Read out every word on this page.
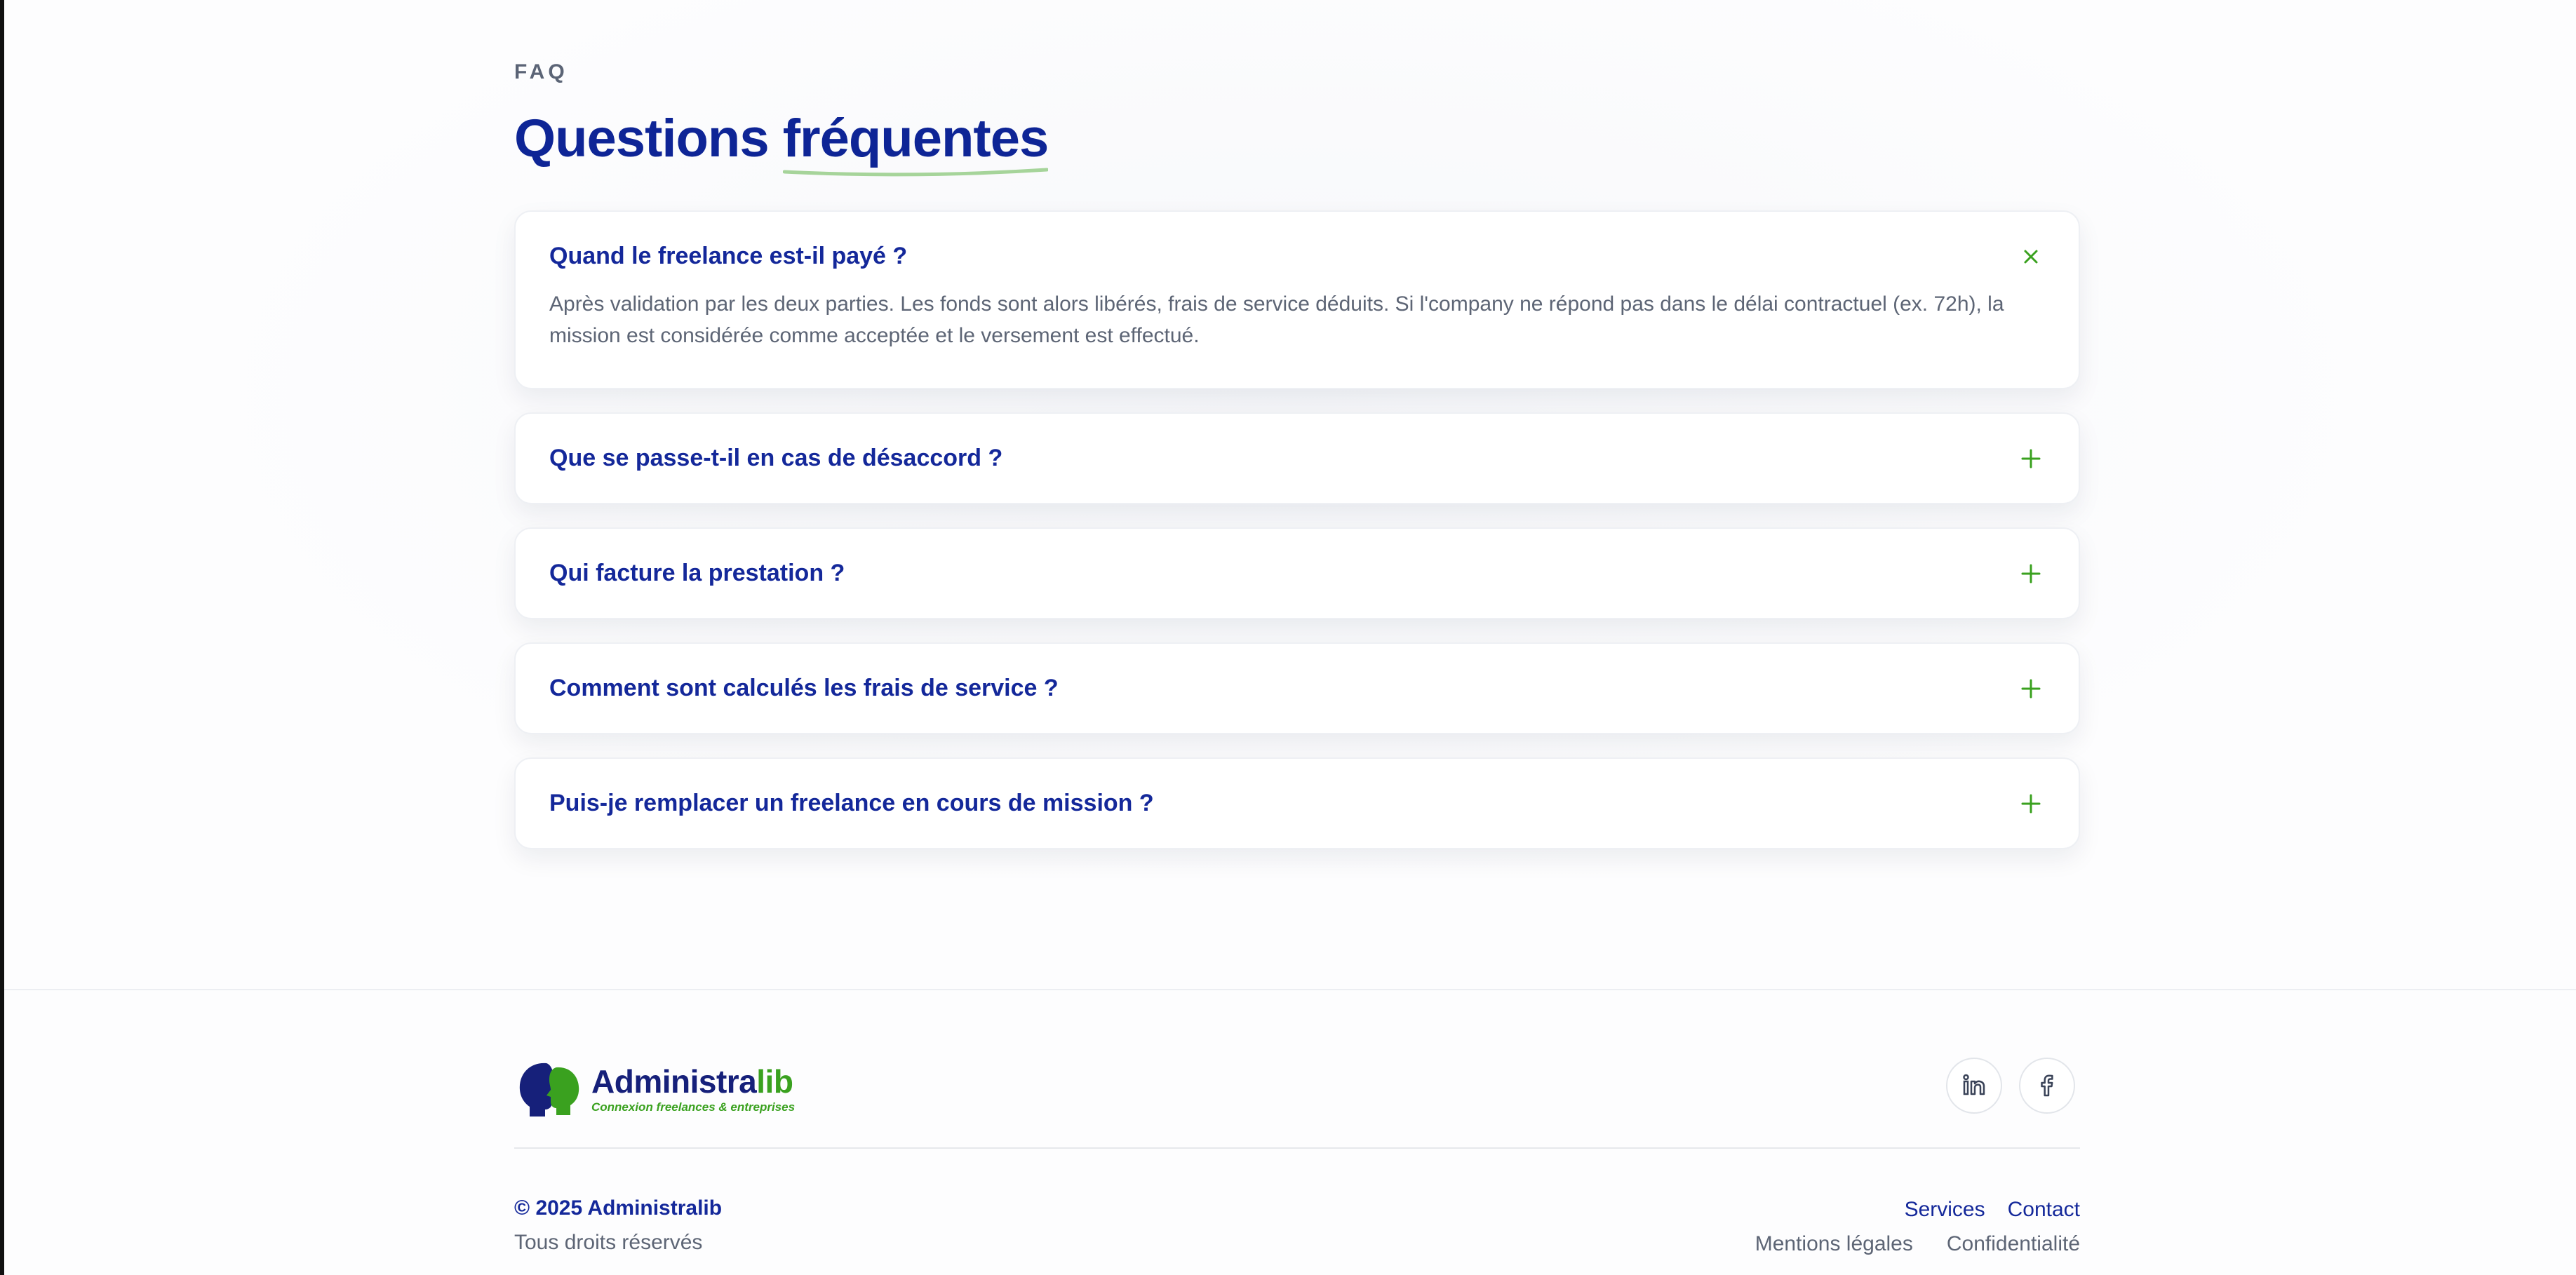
FAQ
Questions fréquentes
Quand le freelance est-il payé ?

Après validation par les deux parties. Les fonds sont alors libérés, frais de service déduits. Si l'company ne répond pas dans le délai contractuel (ex. 72h), la mission est considérée comme acceptée et le versement est effectué.

Que se passe-t-il en cas de désaccord ?
Qui facture la prestation ?
Comment sont calculés les frais de service ?
Puis-je remplacer un freelance en cours de mission ?
Administralib
Connexion freelances & entreprises
© 2025 Administralib
Tous droits réservés
Services Contact
Mentions légales Confidentialité
